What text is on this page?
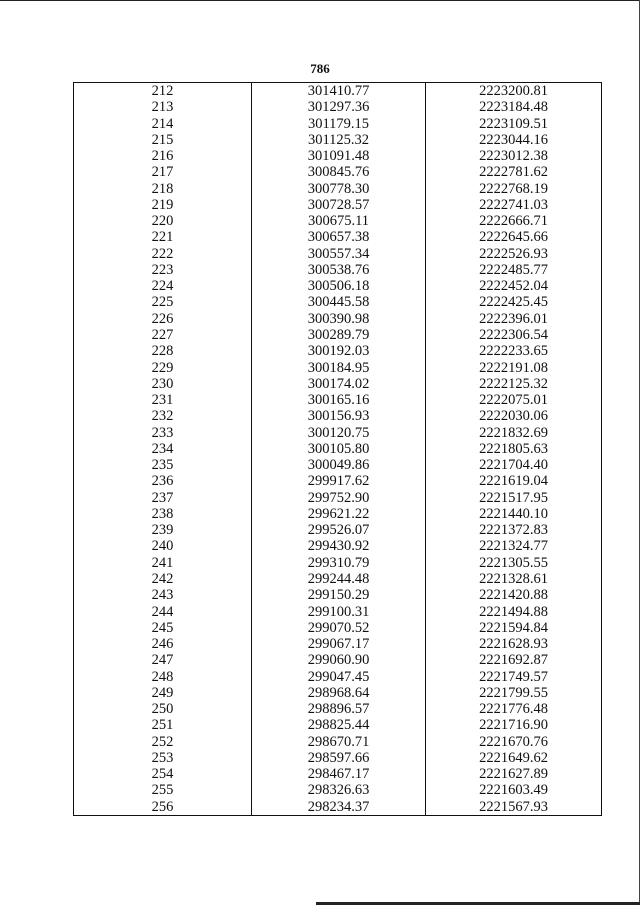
786
212	301410.77	2223200.81
213	301297.36	2223184.48
214	301179.15	2223109.51
215	301125.32	2223044.16
216	301091.48	2223012.38
217	300845.76	2222781.62
218	300778.30	2222768.19
219	300728.57	2222741.03
220	300675.11	2222666.71
221	300657.38	2222645.66
222	300557.34	2222526.93
223	300538.76	2222485.77
224	300506.18	2222452.04
225	300445.58	2222425.45
226	300390.98	2222396.01
227	300289.79	2222306.54
228	300192.03	2222233.65
229	300184.95	2222191.08
230	300174.02	2222125.32
231	300165.16	2222075.01
232	300156.93	2222030.06
233	300120.75	2221832.69
234	300105.80	2221805.63
235	300049.86	2221704.40
236	299917.62	2221619.04
237	299752.90	2221517.95
238	299621.22	2221440.10
239	299526.07	2221372.83
240	299430.92	2221324.77
241	299310.79	2221305.55
242	299244.48	2221328.61
243	299150.29	2221420.88
244	299100.31	2221494.88
245	299070.52	2221594.84
246	299067.17	2221628.93
247	299060.90	2221692.87
248	299047.45	2221749.57
249	298968.64	2221799.55
250	298896.57	2221776.48
251	298825.44	2221716.90
252	298670.71	2221670.76
253	298597.66	2221649.62
254	298467.17	2221627.89
255	298326.63	2221603.49
256	298234.37	2221567.93
